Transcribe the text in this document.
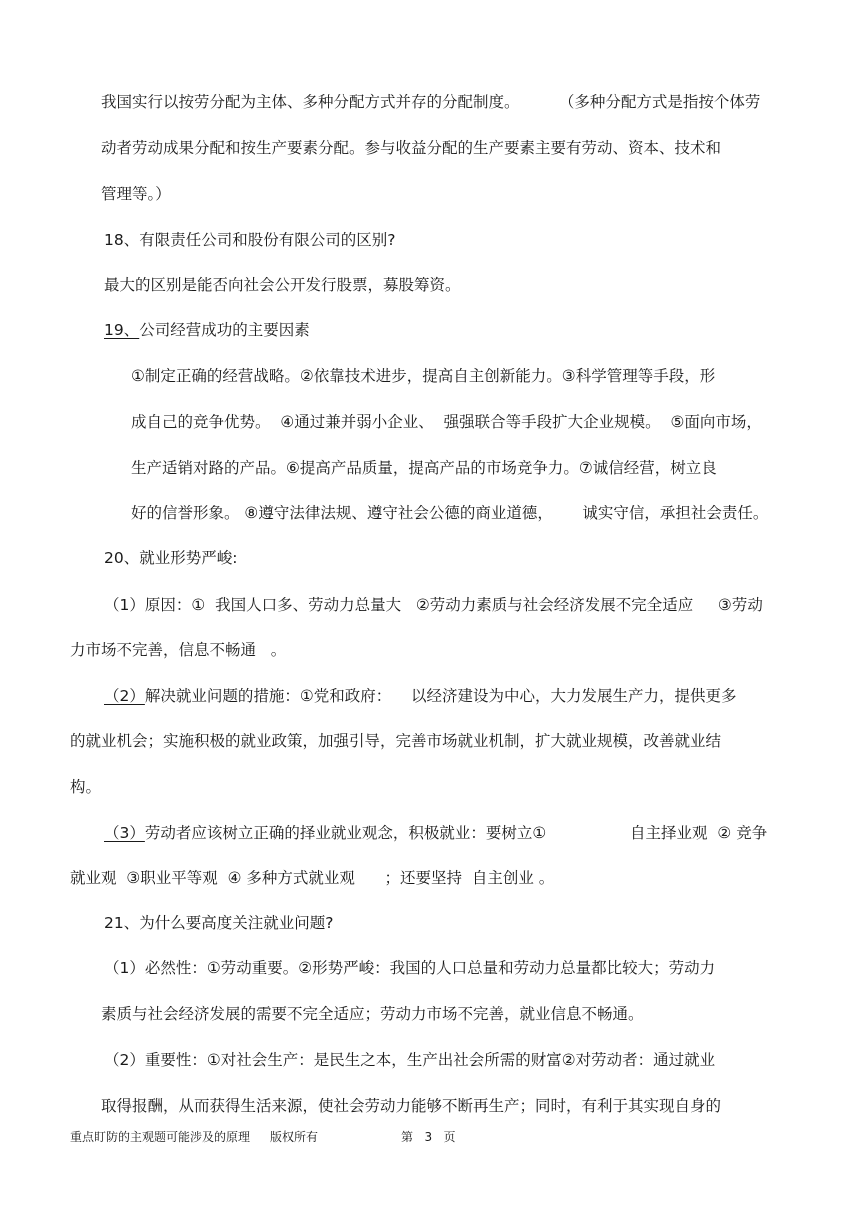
我国实行以按劳分配为主体、多种分配方式并存的分配制度。        （多种分配方式是指按个体劳

动者劳动成果分配和按生产要素分配。参与收益分配的生产要素主要有劳动、资本、技术和

管理等。）

18、有限责任公司和股份有限公司的区别?

最大的区别是能否向社会公开发行股票，募股筹资。

19、公司经营成功的主要因素

①制定正确的经营战略。②依靠技术进步，提高自主创新能力。③科学管理等手段，形

成自己的竞争优势。  ④通过兼并弱小企业、  强强联合等手段扩大企业规模。  ⑤面向市场，

生产适销对路的产品。⑥提高产品质量，提高产品的市场竞争力。⑦诚信经营，树立良

好的信誉形象。 ⑧遵守法律法规、遵守社会公德的商业道德，      诚实守信，承担社会责任。

20、就业形势严峻:

（1）原因：①  我国人口多、劳动力总量大   ②劳动力素质与社会经济发展不完全适应     ③劳动

力市场不完善，信息不畅通   。

（2）解决就业问题的措施：①党和政府：    以经济建设为中心，大力发展生产力，提供更多

的就业机会；实施积极的就业政策，加强引导，完善市场就业机制，扩大就业规模，改善就业结

构。

（3）劳动者应该树立正确的择业就业观念，积极就业：要树立①                 自主择业观  ② 竞争

就业观  ③职业平等观  ④ 多种方式就业观      ；还要坚持  自主创业 。

21、为什么要高度关注就业问题?

（1）必然性：①劳动重要。②形势严峻：我国的人口总量和劳动力总量都比较大；劳动力

素质与社会经济发展的需要不完全适应；劳动力市场不完善，就业信息不畅通。

（2）重要性：①对社会生产：是民生之本，生产出社会所需的财富②对劳动者：通过就业

取得报酬，从而获得生活来源，使社会劳动力能够不断再生产；同时，有利于其实现自身的

重点盯防的主观题可能涉及的原理 版权所有	第   3   页
